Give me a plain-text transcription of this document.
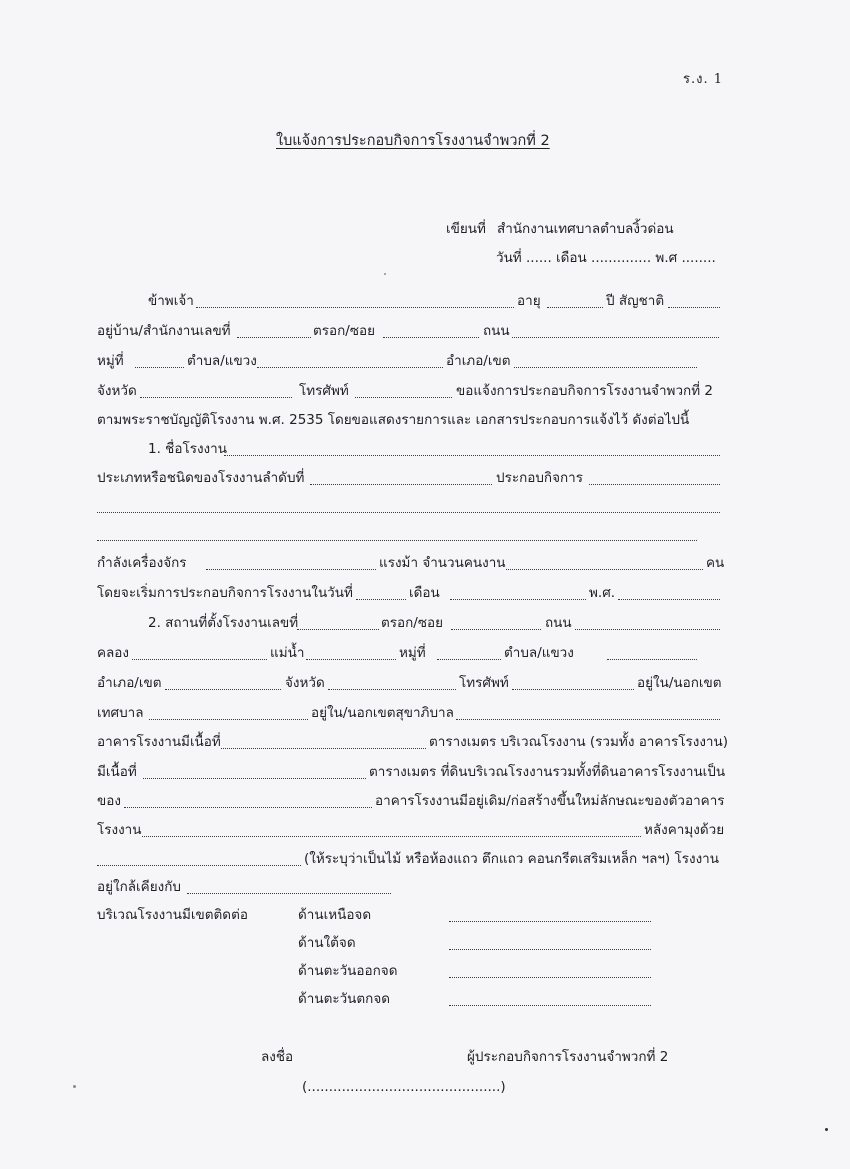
ร.ง. 1
ใบแจ้งการประกอบกิจการโรงงานจำพวกที่ 2
เขียนที่ สำนักงานเทศบาลตำบลงิ้วด่อน
วันที่ ...... เดือน .............. พ.ศ ........
ข้าพเจ้า	อายุ	ปี สัญชาติ
อยู่บ้าน/สำนักงานเลขที่	ตรอก/ซอย	ถนน
หมู่ที่	ตำบล/แขวง	อำเภอ/เขต
จังหวัด	โทรศัพท์	ขอแจ้งการประกอบกิจการโรงงานจำพวกที่ 2
ตามพระราชบัญญัติโรงงาน พ.ศ. 2535 โดยขอแสดงรายการและ เอกสารประกอบการแจ้งไว้ ดังต่อไปนี้
1. ชื่อโรงงาน
ประเภทหรือชนิดของโรงงานลำดับที่	ประกอบกิจการ
กำลังเครื่องจักร	แรงม้า จำนวนคนงาน	คน
โดยจะเริ่มการประกอบกิจการโรงงานในวันที่	เดือน	พ.ศ.
2. สถานที่ตั้งโรงงานเลขที่	ตรอก/ซอย	ถนน
คลอง	แม่น้ำ	หมู่ที่	ตำบล/แขวง
อำเภอ/เขต	จังหวัด	โทรศัพท์	อยู่ใน/นอกเขต
เทศบาล	อยู่ใน/นอกเขตสุขาภิบาล
อาคารโรงงานมีเนื้อที่	ตารางเมตร บริเวณโรงงาน (รวมทั้ง อาคารโรงงาน)
มีเนื้อที่	ตารางเมตร ที่ดินบริเวณโรงงานรวมทั้งที่ดินอาคารโรงงานเป็น
ของ	อาคารโรงงานมีอยู่เดิม/ก่อสร้างขึ้นใหม่ลักษณะของตัวอาคาร
โรงงาน	หลังคามุงด้วย
(ให้ระบุว่าเป็นไม้ หรือห้องแถว ตึกแถว คอนกรีตเสริมเหล็ก ฯลฯ) โรงงาน
อยู่ใกล้เคียงกับ
บริเวณโรงงานมีเขตติดต่อ	ด้านเหนือจด
ด้านใต้จด
ด้านตะวันออกจด
ด้านตะวันตกจด
ลงชื่อ	ผู้ประกอบกิจการโรงงานจำพวกที่ 2
(.............................................)
